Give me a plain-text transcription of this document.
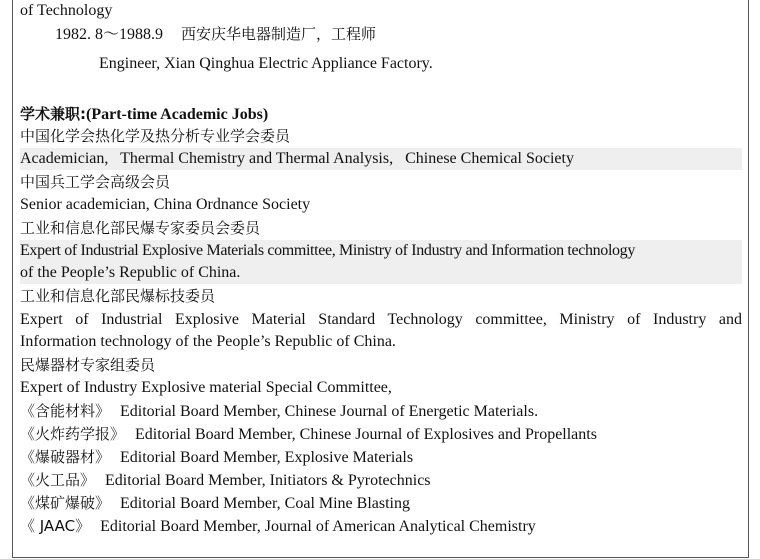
of Technology
1982. 8～1988.9 西安庆华电器制造厂，工程师
Engineer, Xian Qinghua Electric Appliance Factory.
学术兼职:(Part-time Academic Jobs)
中国化学会热化学及热分析专业学会委员
Academician,   Thermal Chemistry and Thermal Analysis,   Chinese Chemical Society
中国兵工学会高级会员
Senior academician, China Ordnance Society
工业和信息化部民爆专家委员会委员
Expert of Industrial Explosive Materials committee, Ministry of Industry and Information technology
of the People’s Republic of China.
工业和信息化部民爆标技委员
Expert of Industrial Explosive Material Standard Technology committee, Ministry of Industry and
Information technology of the People’s Republic of China.
民爆器材专家组委员
Expert of Industry Explosive material Special Committee,
《含能材料》 Editorial Board Member, Chinese Journal of Energetic Materials.
《火炸药学报》 Editorial Board Member, Chinese Journal of Explosives and Propellants
《爆破器材》 Editorial Board Member, Explosive Materials
《火工品》 Editorial Board Member, Initiators & Pyrotechnics
《煤矿爆破》 Editorial Board Member, Coal Mine Blasting
《 JAAC》 Editorial Board Member, Journal of American Analytical Chemistry
